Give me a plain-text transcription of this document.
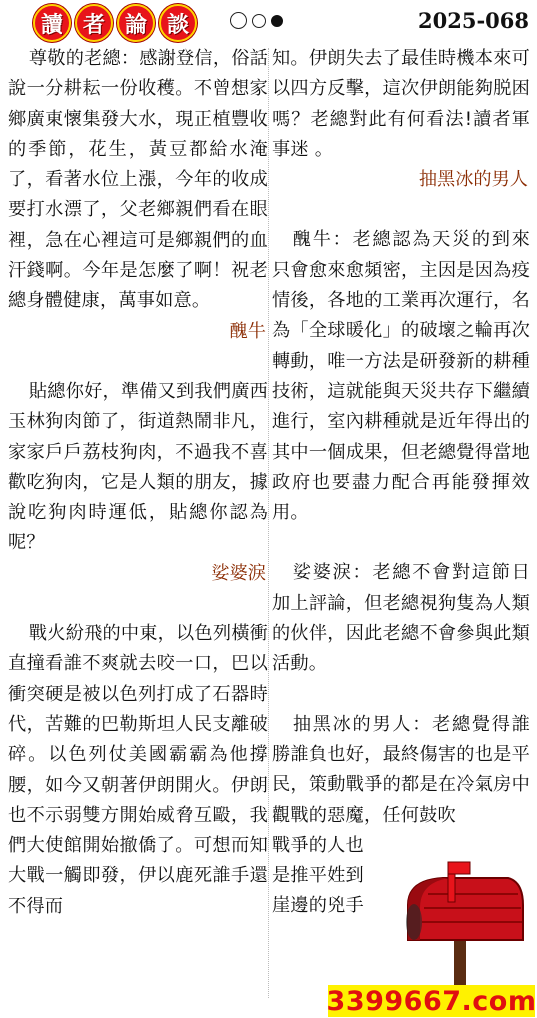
讀 者 論 談	2025-068

尊敬的老總：感謝登信，俗話說一分耕耘一份收穫。不曾想家鄉廣東懷集發大水，現正植豐收的季節，花生，黃豆都給水淹了，看著水位上漲，今年的收成要打水漂了，父老鄉親們看在眼裡，急在心裡這可是鄉親們的血汗錢啊。今年是怎麼了啊！祝老總身體健康，萬事如意。

醜牛

貼總你好，準備又到我們廣西玉林狗肉節了，街道熱鬧非凡，家家戶戶荔枝狗肉，不過我不喜歡吃狗肉，它是人類的朋友，據說吃狗肉時運低，貼總你認為呢？

娑婆淚

戰火紛飛的中東，以色列橫衝直撞看誰不爽就去咬一口，巴以衝突硬是被以色列打成了石器時代，苦難的巴勒斯坦人民支離破碎。以色列仗美國霸霸為他撐腰，如今又朝著伊朗開火。伊朗也不示弱雙方開始威脅互毆，我們大使館開始撤僑了。可想而知大戰一觸即發，伊以鹿死誰手還不得而

知。伊朗失去了最佳時機本來可以四方反擊，這次伊朗能夠脱困嗎？老總對此有何看法!讀者軍事迷 。

抽黑冰的男人

醜牛：老總認為天災的到來只會愈來愈頻密，主因是因為疫情後，各地的工業再次運行，名為「全球暖化」的破壞之輪再次轉動，唯一方法是研發新的耕種技術，這就能與天災共存下繼續進行，室內耕種就是近年得出的其中一個成果，但老總覺得當地政府也要盡力配合再能發揮效用。

娑婆淚：老總不會對這節日加上評論，但老總視狗隻為人類的伙伴，因此老總不會參與此類活動。

抽黑冰的男人：老總覺得誰勝誰負也好，最終傷害的也是平民，策動戰爭的都是在冷氣房中觀戰的惡魔，任何鼓吹

戰爭的人也

是推平姓到

崖邊的兇手

3399667.com
